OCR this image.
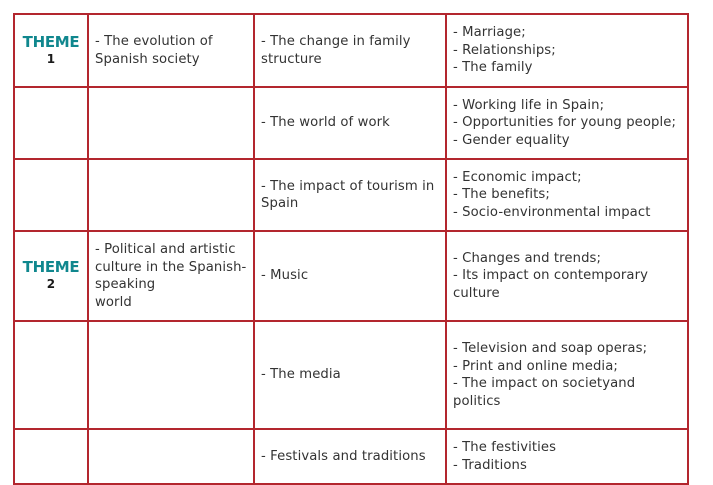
THEME
1	- The evolution of
Spanish society	- The change in family
structure	- Marriage;
- Relationships;
- The family

		- The world of work	- Working life in Spain;
- Opportunities for young people;
- Gender equality

		- The impact of tourism in
Spain	- Economic impact;
- The benefits;
- Socio-environmental impact

THEME
2	- Political and artistic
culture in the Spanish-
speaking
world	- Music	- Changes and trends;
- Its impact on contemporary
culture

		- The media	- Television and soap operas;
- Print and online media;
- The impact on societyand
politics

		- Festivals and traditions	- The festivities
- Traditions
